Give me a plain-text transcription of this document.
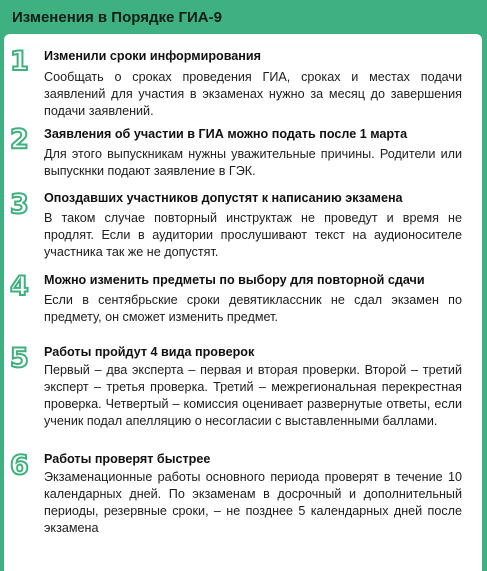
Изменения в Порядке ГИА-9
1	Изменили сроки информирования
Сообщать о сроках проведения ГИА, сроках и местах подачи заявлений для участия в экзаменах нужно за месяц до завершения подачи заявлений.
2	Заявления об участии в ГИА можно подать после 1 марта
Для этого выпускникам нужны уважительные причины. Родители или выпускнки подают заявление в ГЭК.
3	Опоздавших участников допустят к написанию экзамена
В таком случае повторный инструктаж не проведут и время не продлят. Если в аудитории прослушивают текст на аудионосителе участника так же не допустят.
4	Можно изменить предметы по выбору для повторной сдачи
Если в сентябрьские сроки девятиклассник не сдал экзамен по предмету, он сможет изменить предмет.
5	Работы пройдут 4 вида проверок
Первый – два эксперта – первая и вторая проверки. Второй – третий эксперт – третья проверка. Третий – межрегиональная перекрестная проверка. Четвертый – комиссия оценивает развернутые ответы, если ученик подал апелляцию о несогласии с выставленными баллами.
6	Работы проверят быстрее
Экзаменационные работы основного периода проверят в течение 10 календарных дней. По экзаменам в досрочный и дополнительный периоды, резервные сроки, – не позднее 5 календарных дней после экзамена
